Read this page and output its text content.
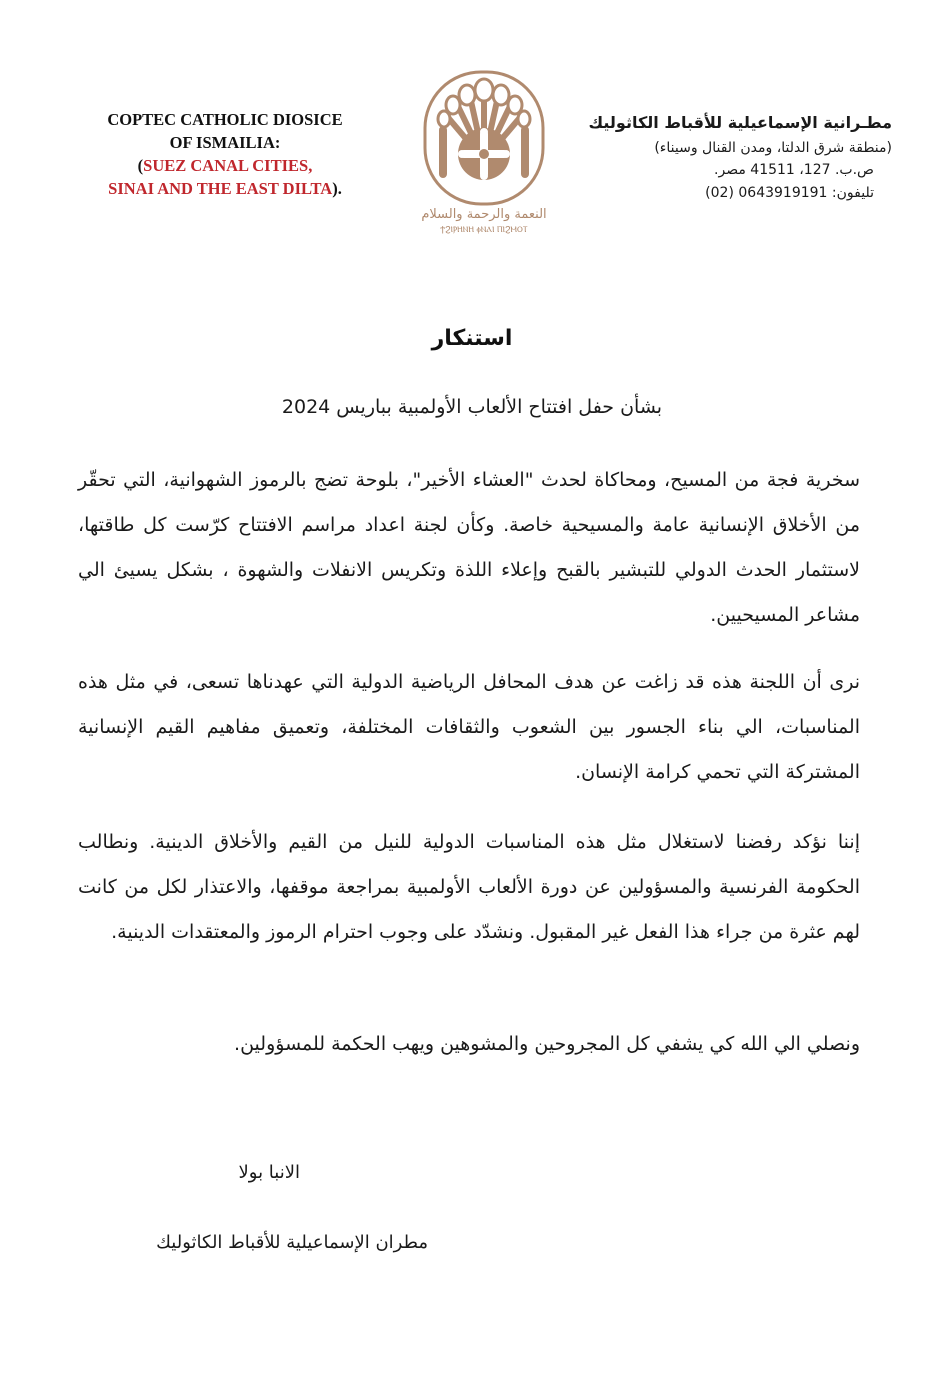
COPTEC CATHOLIC DIOSICE
OF ISMAILIA:
(SUEZ CANAL CITIES,
SINAI AND THE EAST DILTA).
النعمة والرحمة والسلام
ϮϨⲒⲢⲎⲚⲎ ⲫⲚⲀⲒ ⲠⲒϨⲘⲞⲦ
مطـرانية الإسماعيلية للأقباط الكاثوليك
(منطقة شرق الدلتا، ومدن القنال وسيناء)
ص.ب. 127، 41511 مصر.
تليفون: 0643919191 (02)
استنكار
بشأن حفل افتتاح الألعاب الأولمبية بباريس 2024
سخرية فجة من المسيح، ومحاكاة لحدث "العشاء الأخير"، بلوحة تضج بالرموز الشهوانية، التي تحقّر من الأخلاق الإنسانية عامة والمسيحية خاصة. وكأن لجنة اعداد مراسم الافتتاح كرّست كل طاقتها، لاستثمار الحدث الدولي للتبشير بالقبح وإعلاء اللذة وتكريس الانفلات والشهوة ، بشكل يسيئ الي مشاعر المسيحيين.
نرى أن اللجنة هذه قد زاغت عن هدف المحافل الرياضية الدولية التي عهدناها تسعى، في مثل هذه المناسبات، الي بناء الجسور بين الشعوب والثقافات المختلفة، وتعميق مفاهيم القيم الإنسانية المشتركة التي تحمي كرامة الإنسان.
إننا نؤكد رفضنا لاستغلال مثل هذه المناسبات الدولية للنيل من القيم والأخلاق الدينية. ونطالب الحكومة الفرنسية والمسؤولين عن دورة الألعاب الأولمبية بمراجعة موقفها، والاعتذار لكل من كانت لهم عثرة من جراء هذا الفعل غير المقبول. ونشدّد على وجوب احترام الرموز والمعتقدات الدينية.
ونصلي الي الله كي يشفي كل المجروحين والمشوهين ويهب الحكمة للمسؤولين.
الانبا بولا
مطران الإسماعيلية للأقباط الكاثوليك
